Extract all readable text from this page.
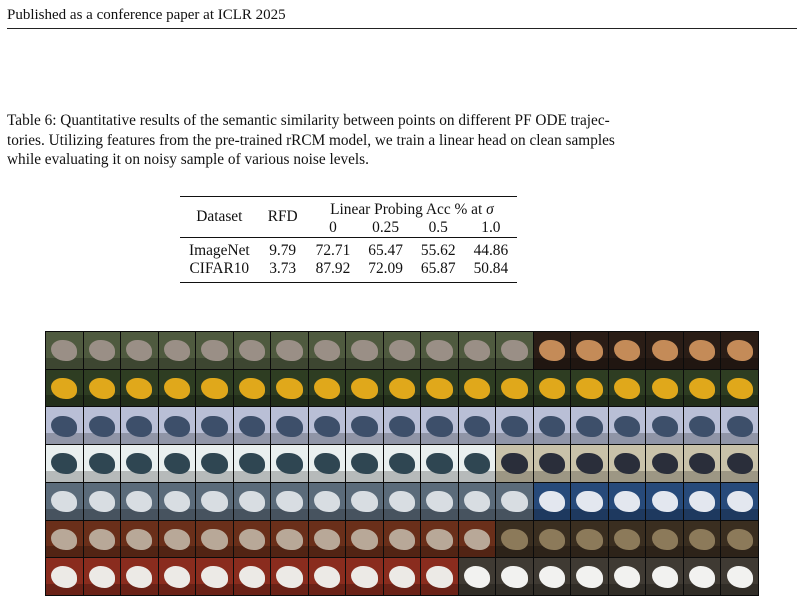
Published as a conference paper at ICLR 2025

Table 6: Quantitative results of the semantic similarity between points on different PF ODE trajec-

tories. Utilizing features from the pre-trained rRCM model, we train a linear head on clean samples

while evaluating it on noisy sample of various noise levels.

Dataset	RFD	Linear Probing Acc % at σ			
		0	0.25	0.5	1.0

ImageNet	9.79	72.71	65.47	55.62	44.86
CIFAR10	3.73	87.92	72.09	65.87	50.84
